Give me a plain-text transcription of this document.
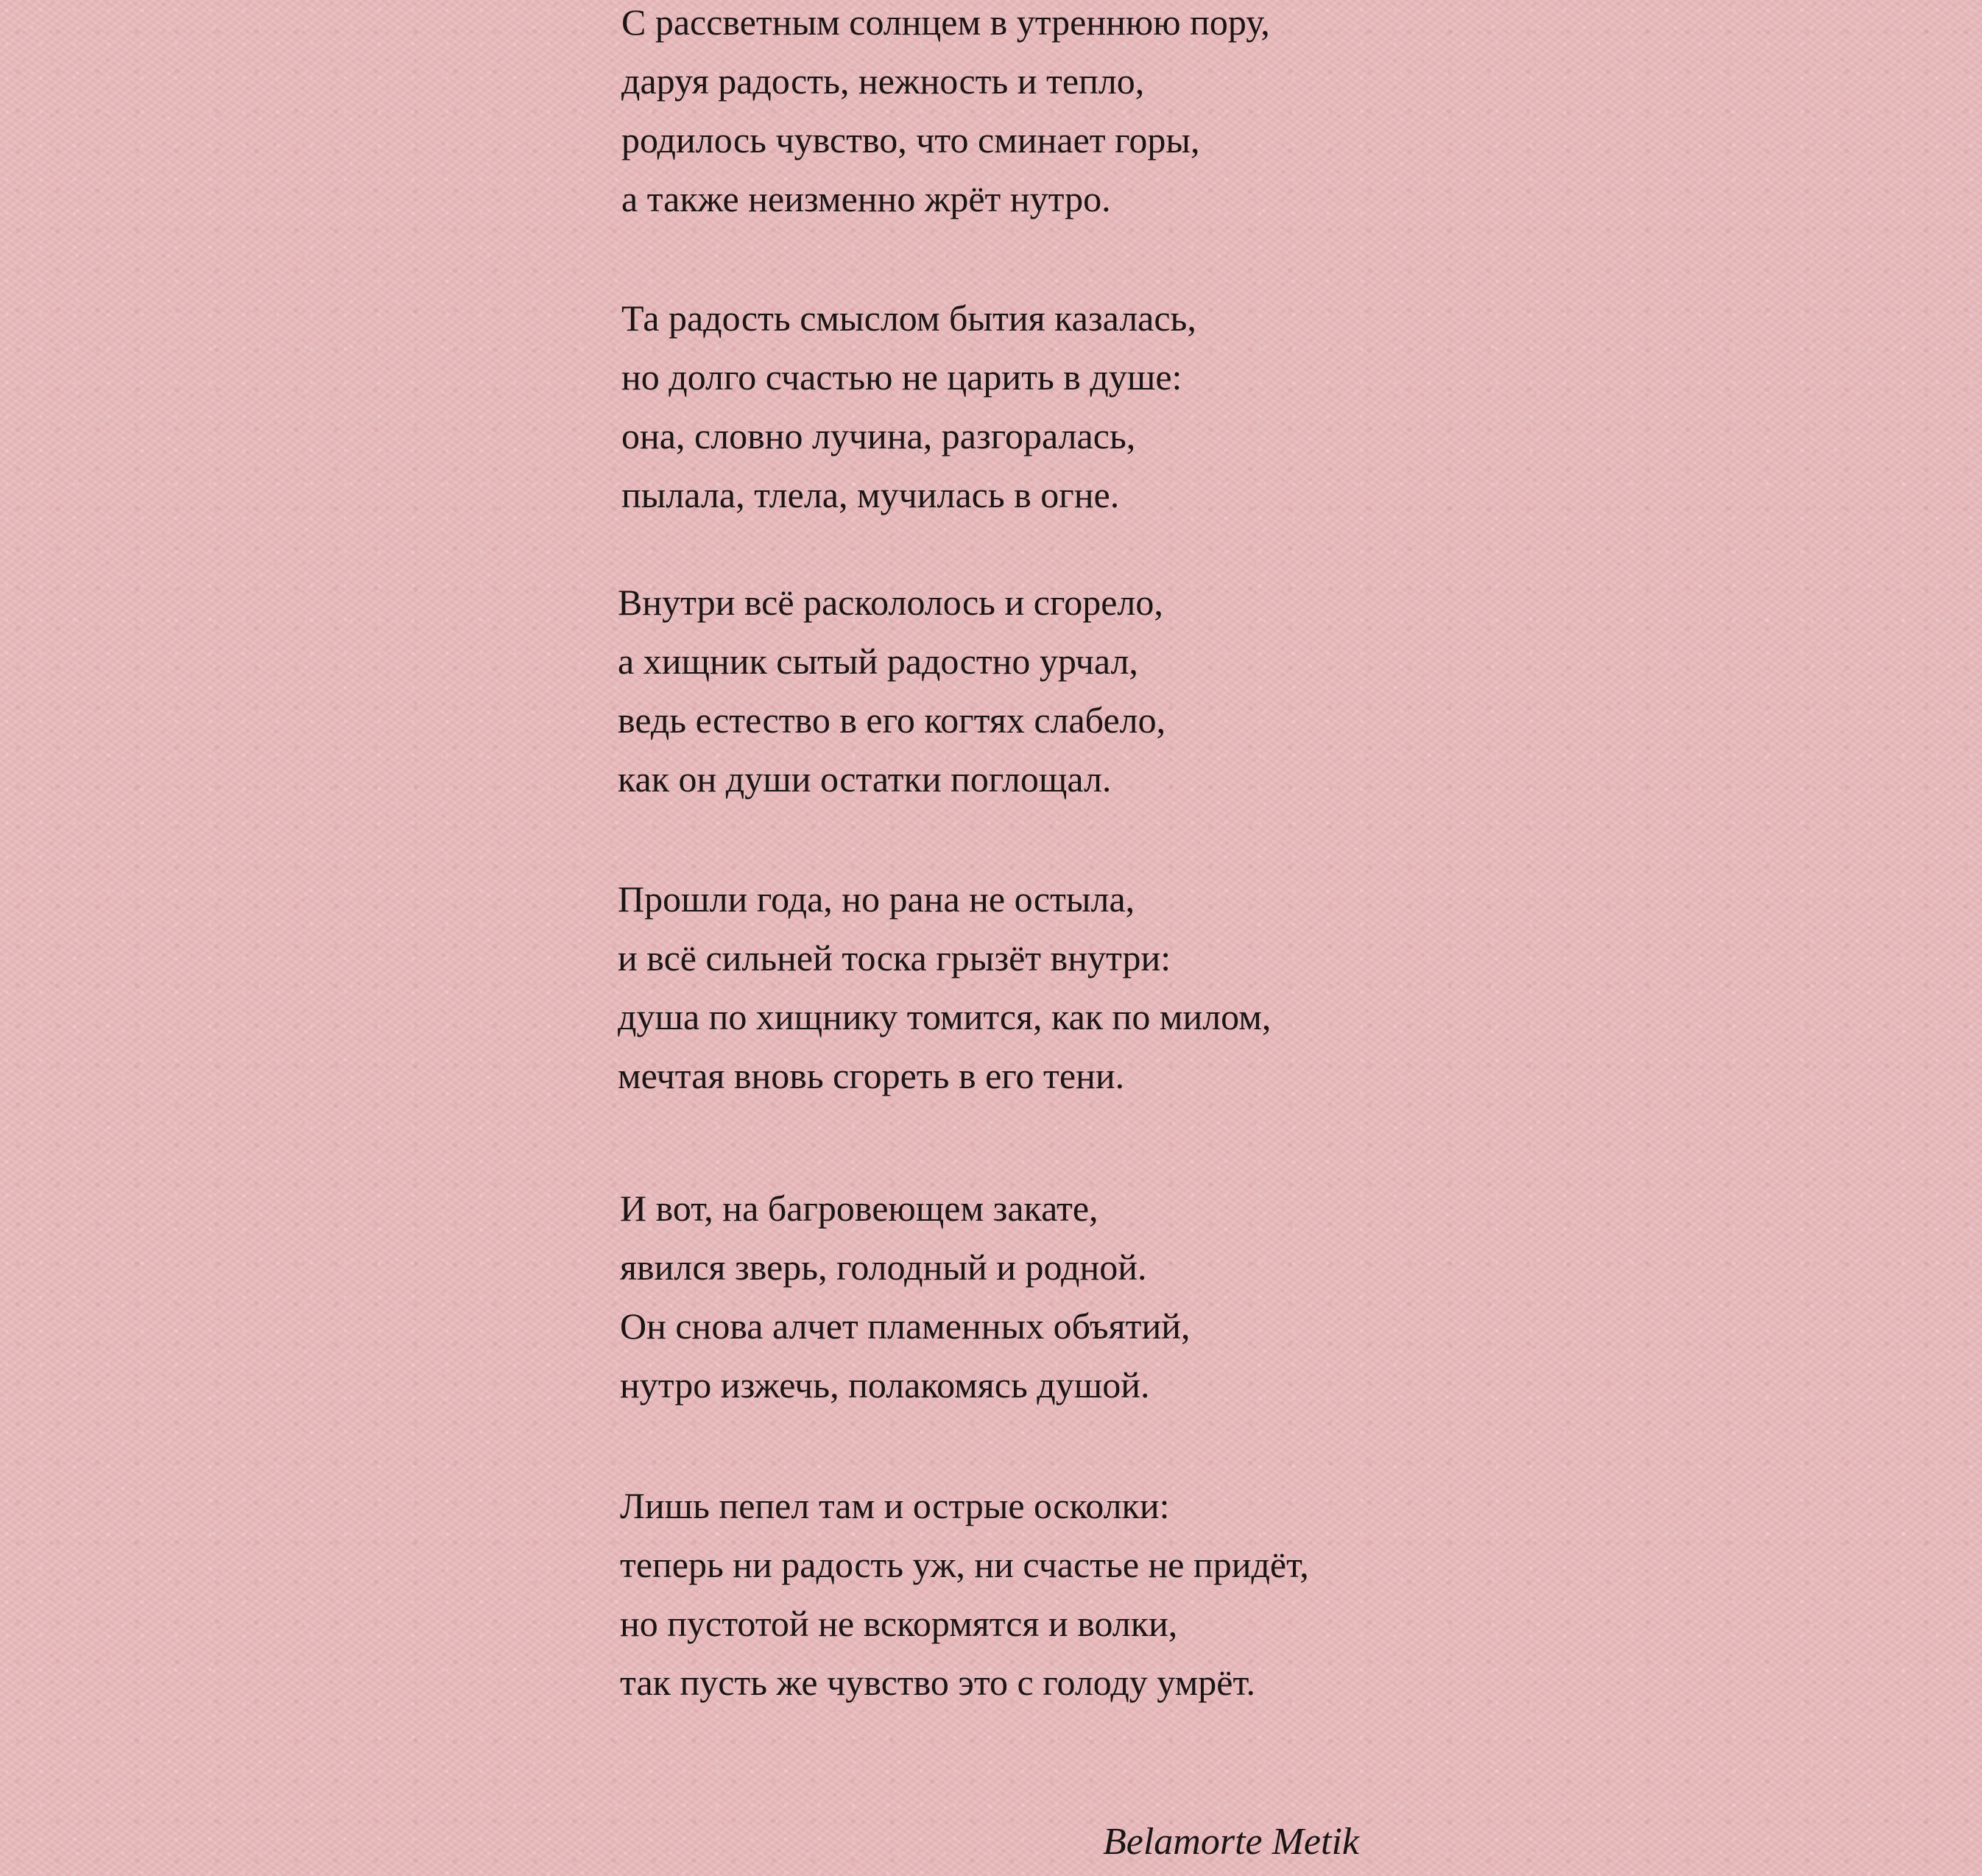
С рассветным солнцем в утреннюю пору,
даруя радость, нежность и тепло,
родилось чувство, что сминает горы,
а также неизменно жрёт нутро.
Та радость смыслом бытия казалась,
но долго счастью не царить в душе:
она, словно лучина, разгоралась,
пылала, тлела, мучилась в огне.
Внутри всё раскололось и сгорело,
а хищник сытый радостно урчал,
ведь естество в его когтях слабело,
как он души остатки поглощал.
Прошли года, но рана не остыла,
и всё сильней тоска грызёт внутри:
душа по хищнику томится, как по милом,
мечтая вновь сгореть в его тени.
И вот, на багровеющем закате,
явился зверь, голодный и родной.
Он снова алчет пламенных объятий,
нутро изжечь, полакомясь душой.
Лишь пепел там и острые осколки:
теперь ни радость уж, ни счастье не придёт,
но пустотой не вскормятся и волки,
так пусть же чувство это с голоду умрёт.
Belamorte Metik
